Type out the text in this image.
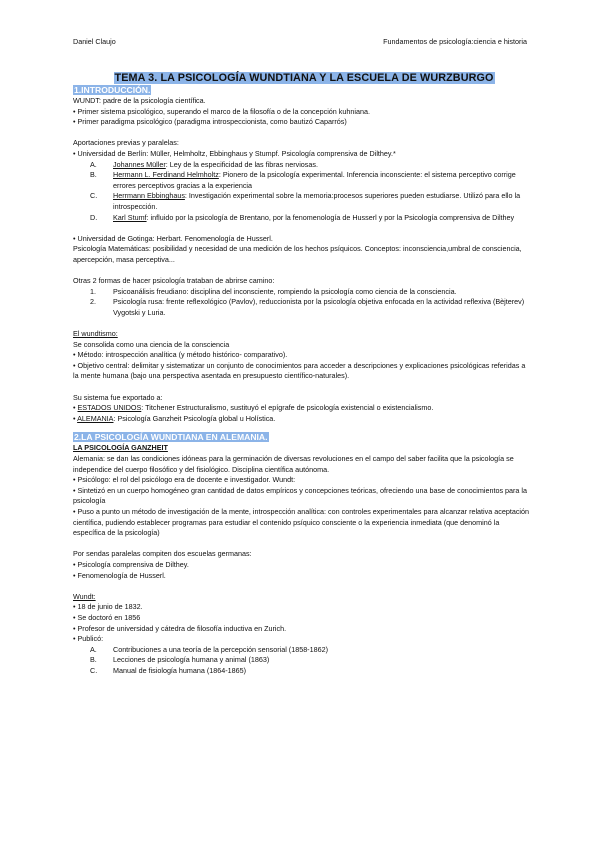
Daniel Claujo	Fundamentos de psicología:ciencia e historia
TEMA 3. LA PSICOLOGÍA WUNDTIANA Y LA ESCUELA DE WURZBURGO
1.INTRODUCCIÓN.

WUNDT: padre de la psicología científica.

• Primer sistema psicológico, superando el marco de la filosofía o de la concepción kuhniana.

• Primer paradigma psicológico (paradigma introspeccionista, como bautizó Caparrós)

Aportaciones previas y paralelas:

• Universidad de Berlín: Müller, Helmholtz, Ebbinghaus y Stumpf. Psicología comprensiva de Dilthey.*

A. Johannes Müller: Ley de la especificidad de las fibras nerviosas.
B. Hermann L. Ferdinand Helmholtz: Pionero de la psicología experimental. Inferencia inconsciente: el sistema perceptivo corrige errores perceptivos gracias a la experiencia
C. Herrmann Ebbinghaus: Investigación experimental sobre la memoria:procesos superiores pueden estudiarse. Utilizó para ello la introspección.
D. Karl Stumf: influido por la psicología de Brentano, por la fenomenología de Husserl y por la Psicología comprensiva de Dilthey

• Universidad de Gotinga: Herbart. Fenomenología de Husserl.

Psicología Matemáticas: posibilidad y necesidad de una medición de los hechos psíquicos. Conceptos: inconsciencia,umbral de consciencia, apercepción, masa perceptiva...

Otras 2 formas de hacer psicología trataban de abrirse camino:

1. Psicoanálisis freudiano: disciplina del inconsciente, rompiendo la psicología como ciencia de la consciencia.
2. Psicología rusa: frente reflexológico (Pavlov), reduccionista por la psicología objetiva enfocada en la actividad reflexiva (Bèjterev) Vygotski y Luria.

El wundtismo:

Se consolida como una ciencia de la consciencia

• Método: introspección analítica (y método histórico- comparativo).

• Objetivo central: delimitar y sistematizar un conjunto de conocimientos para acceder a descripciones y explicaciones psicológicas referidas a la mente humana (bajo una perspectiva asentada en presupuesto científico-naturales).

Su sistema fue exportado a:

• ESTADOS UNIDOS: Titchener Estructuralismo, sustituyó el epígrafe de psicología existencial o existencialismo.

• ALEMANIA: Psicología Ganzheit Psicología global u Holística.

2.LA PSICOLOGÍA WUNDTIANA EN ALEMANIA.

LA PSICOLOGÍA GANZHEIT

Alemania: se dan las condiciones idóneas para la germinación de diversas revoluciones en el campo del saber facilita que la psicología se independice del cuerpo filosófico y del fisiológico. Disciplina científica autónoma.

• Psicólogo: el rol del psicólogo era de docente e investigador. Wundt:

• Sintetizó en un cuerpo homogéneo gran cantidad de datos empíricos y concepciones teóricas, ofreciendo una base de conocimientos para la psicología

• Puso a punto un método de investigación de la mente, introspección analítica: con controles experimentales para alcanzar relativa aceptación científica, pudiendo establecer programas para estudiar el contenido psíquico consciente o la experiencia inmediata (que denominó la específica de la psicología)

Por sendas paralelas compiten dos escuelas germanas:

• Psicología comprensiva de Dilthey.

• Fenomenología de Husserl.

Wundt:

• 18 de junio de 1832.

• Se doctoró en 1856

• Profesor de universidad y cátedra de filosofía inductiva en Zurich.

• Publicó:

A. Contribuciones a una teoría de la percepción sensorial (1858-1862)
B. Lecciones de psicología humana y animal (1863)
C. Manual de fisiología humana (1864-1865)
